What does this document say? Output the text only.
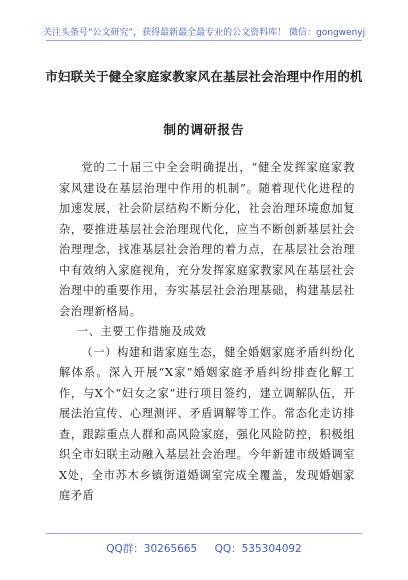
关注头条号“公文研究”，获得最新最全最专业的公文资料库！ 微信：gongwenyj
市妇联关于健全家庭家教家风在基层社会治理中作用的机
制的调研报告

党的二十届三中全会明确提出，“健全发挥家庭家教家风建设在基层治理中作用的机制”。随着现代化进程的加速发展，社会阶层结构不断分化，社会治理环境愈加复杂，要推进基层社会治理现代化，应当不断创新基层社会治理理念，找准基层社会治理的着力点，在基层社会治理中有效纳入家庭视角，充分发挥家庭家教家风在基层社会治理中的重要作用，夯实基层社会治理基础，构建基层社会治理新格局。

一、主要工作措施及成效

（一）构建和谐家庭生态，健全婚姻家庭矛盾纠纷化解体系。深入开展“X家”婚姻家庭矛盾纠纷排查化解工作，与X个“妇女之家”进行项目签约，建立调解队伍，开展法治宣传、心理测评、矛盾调解等工作。常态化走访排查，跟踪重点人群和高风险家庭，强化风险防控，积极组织全市妇联主动融入基层社会治理。今年新建市级婚调室X处，全市苏木乡镇街道婚调室完成全覆盖，发现婚姻家庭矛盾

QQ群：30265665 QQ：535304092
